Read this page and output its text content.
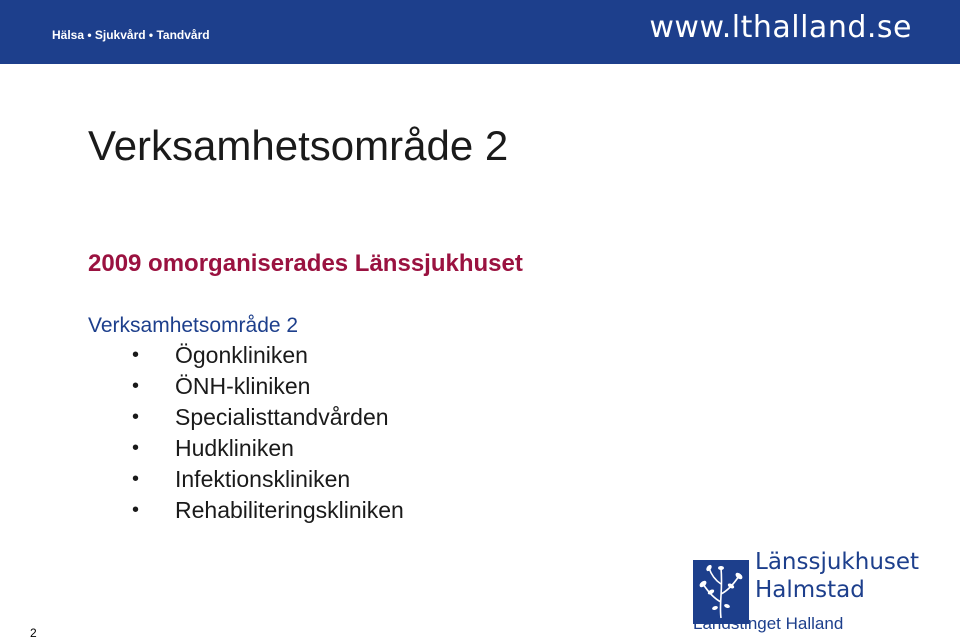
Hälsa • Sjukvård • Tandvård	www.lthalland.se
Verksamhetsområde 2
2009 omorganiserades Länssjukhuset
Verksamhetsområde 2
• Ögonkliniken
• ÖNH-kliniken
• Specialisttandvården
• Hudkliniken
• Infektionskliniken
• Rehabiliteringskliniken
2
Länssjukhuset
Halmstad
Landstinget Halland
